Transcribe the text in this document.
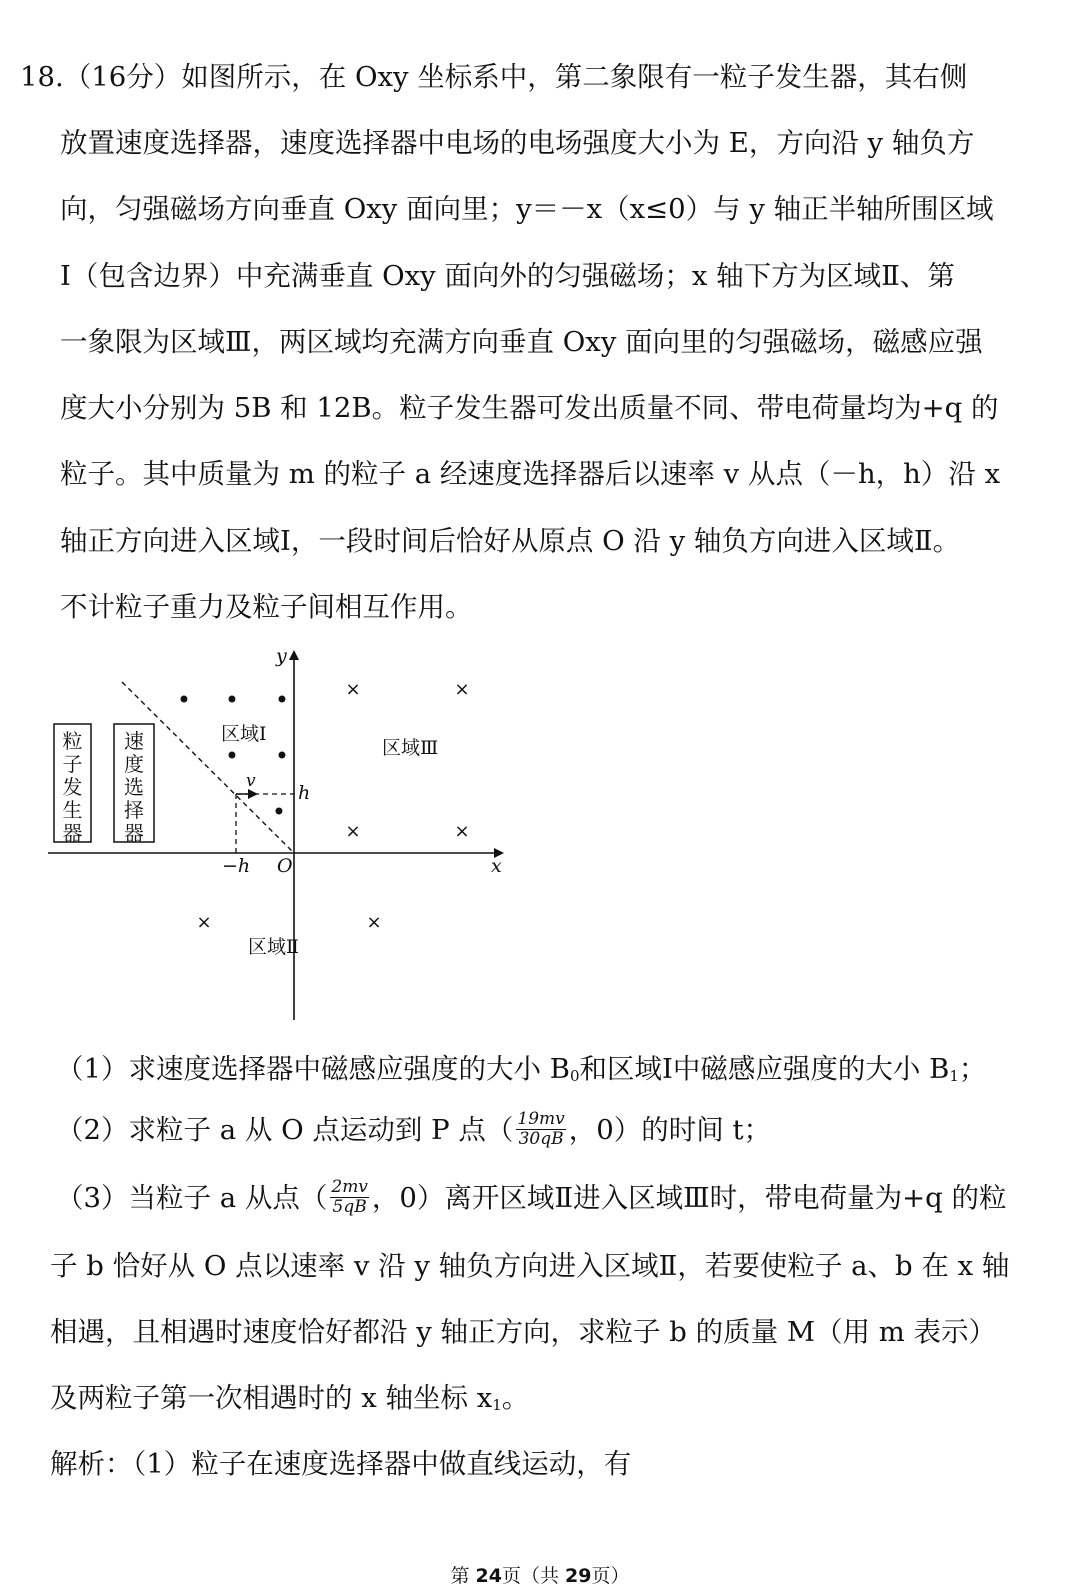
18.（16分）如图所示，在 Oxy 坐标系中，第二象限有一粒子发生器，其右侧
放置速度选择器，速度选择器中电场的电场强度大小为 E，方向沿 y 轴负方
向，匀强磁场方向垂直 Oxy 面向里；y＝－x（x≤0）与 y 轴正半轴所围区域
Ⅰ（包含边界）中充满垂直 Oxy 面向外的匀强磁场；x 轴下方为区域Ⅱ、第
一象限为区域Ⅲ，两区域均充满方向垂直 Oxy 面向里的匀强磁场，磁感应强
度大小分别为 5B 和 12B。粒子发生器可发出质量不同、带电荷量均为+q 的
粒子。其中质量为 m 的粒子 a 经速度选择器后以速率 v 从点（－h，h）沿 x
轴正方向进入区域Ⅰ，一段时间后恰好从原点 O 沿 y 轴负方向进入区域Ⅱ。
不计粒子重力及粒子间相互作用。
粒
子
发
生
器
速
度
选
择
器
• • •
• •
•
×	×
×	×
×	×
区域Ⅰ
区域Ⅲ
区域Ⅱ
y
x
O
−h
h
v
（1）求速度选择器中磁感应强度的大小 $B_0$和区域Ⅰ中磁感应强度的大小 $B_1$；
（2）求粒子 a 从 O 点运动到 P 点（ $\frac{19mv}{30qB}$ ，0）的时间 t；
（3）当粒子 a 从点（ $\frac{2mv}{5qB}$ ，0）离开区域Ⅱ进入区域Ⅲ时，带电荷量为+q 的粒
子 b 恰好从 O 点以速率 v 沿 y 轴负方向进入区域Ⅱ，若要使粒子 a、b 在 x 轴
相遇，且相遇时速度恰好都沿 y 轴正方向，求粒子 b 的质量 M（用 m 表示）
及两粒子第一次相遇时的 x 轴坐标 $x_1$。
解析：（1）粒子在速度选择器中做直线运动，有
第 24页（共 29页）
